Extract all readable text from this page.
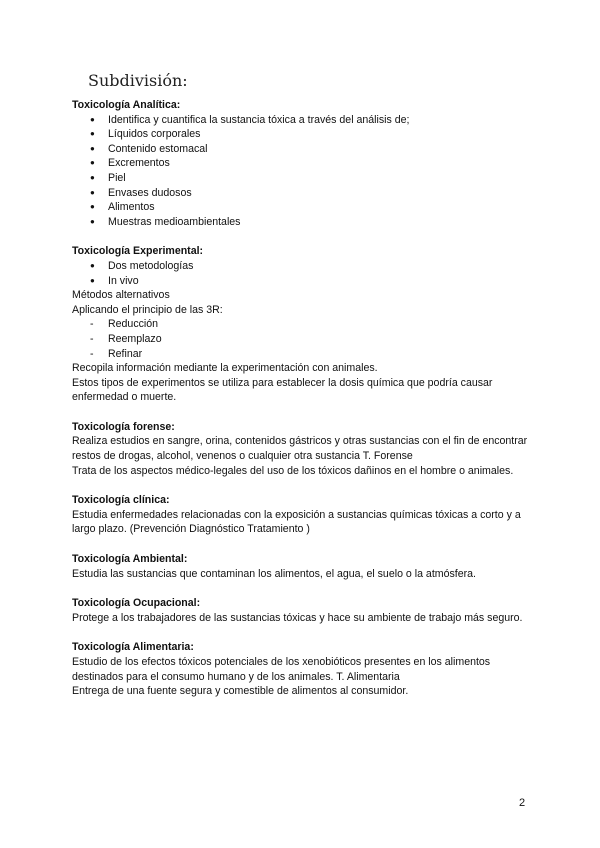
Subdivisión:

Toxicología Analítica:

● Identifica y cuantifica la sustancia tóxica a través del análisis de;
● Líquidos corporales
● Contenido estomacal
● Excrementos
● Piel
● Envases dudosos
● Alimentos
● Muestras medioambientales

Toxicología Experimental:

● Dos metodologías
● In vivo

Métodos alternativos

Aplicando el principio de las 3R:

- Reducción
- Reemplazo
- Refinar

Recopila información mediante la experimentación con animales.

Estos tipos de experimentos se utiliza para establecer la dosis química que podría causar enfermedad o muerte.

Toxicología forense:

Realiza estudios en sangre, orina, contenidos gástricos y otras sustancias con el fin de encontrar restos de drogas, alcohol, venenos o cualquier otra sustancia T. Forense

Trata de los aspectos médico-legales del uso de los tóxicos dañinos en el hombre o animales.

Toxicología clínica:

Estudia enfermedades relacionadas con la exposición a sustancias químicas tóxicas a corto y a largo plazo. (Prevención Diagnóstico Tratamiento )

Toxicología Ambiental:

Estudia las sustancias que contaminan los alimentos, el agua, el suelo o la atmósfera.

Toxicología Ocupacional:

Protege a los trabajadores de las sustancias tóxicas y hace su ambiente de trabajo más seguro.

Toxicología Alimentaria:

Estudio de los efectos tóxicos potenciales de los xenobióticos presentes en los alimentos destinados para el consumo humano y de los animales. T. Alimentaria

Entrega de una fuente segura y comestible de alimentos al consumidor.

2
